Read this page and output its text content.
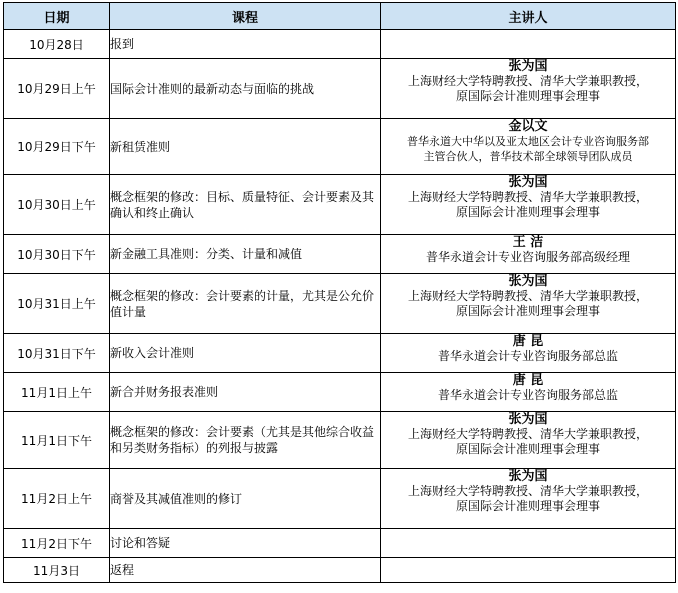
日期	课程	主讲人
10月28日	报到	
10月29日上午	国际会计准则的最新动态与面临的挑战	张为国
上海财经大学特聘教授、清华大学兼职教授，
原国际会计准则理事会理事

10月29日下午	新租赁准则	金以文
普华永道大中华以及亚太地区会计专业咨询服务部
主管合伙人，普华技术部全球领导团队成员

10月30日上午	概念框架的修改：目标、质量特征、会计要素及其确认和终止确认	张为国
上海财经大学特聘教授、清华大学兼职教授，
原国际会计准则理事会理事

10月30日下午	新金融工具准则：分类、计量和减值	王 洁
普华永道会计专业咨询服务部高级经理

10月31日上午	概念框架的修改：会计要素的计量，尤其是公允价值计量	张为国
上海财经大学特聘教授、清华大学兼职教授，
原国际会计准则理事会理事

10月31日下午	新收入会计准则	唐 昆
普华永道会计专业咨询服务部总监

11月1日上午	新合并财务报表准则	唐 昆
普华永道会计专业咨询服务部总监

11月1日下午	概念框架的修改：会计要素（尤其是其他综合收益和另类财务指标）的列报与披露	张为国
上海财经大学特聘教授、清华大学兼职教授，
原国际会计准则理事会理事

11月2日上午	商誉及其减值准则的修订	张为国
上海财经大学特聘教授、清华大学兼职教授，
原国际会计准则理事会理事

11月2日下午	讨论和答疑	
11月3日	返程	
